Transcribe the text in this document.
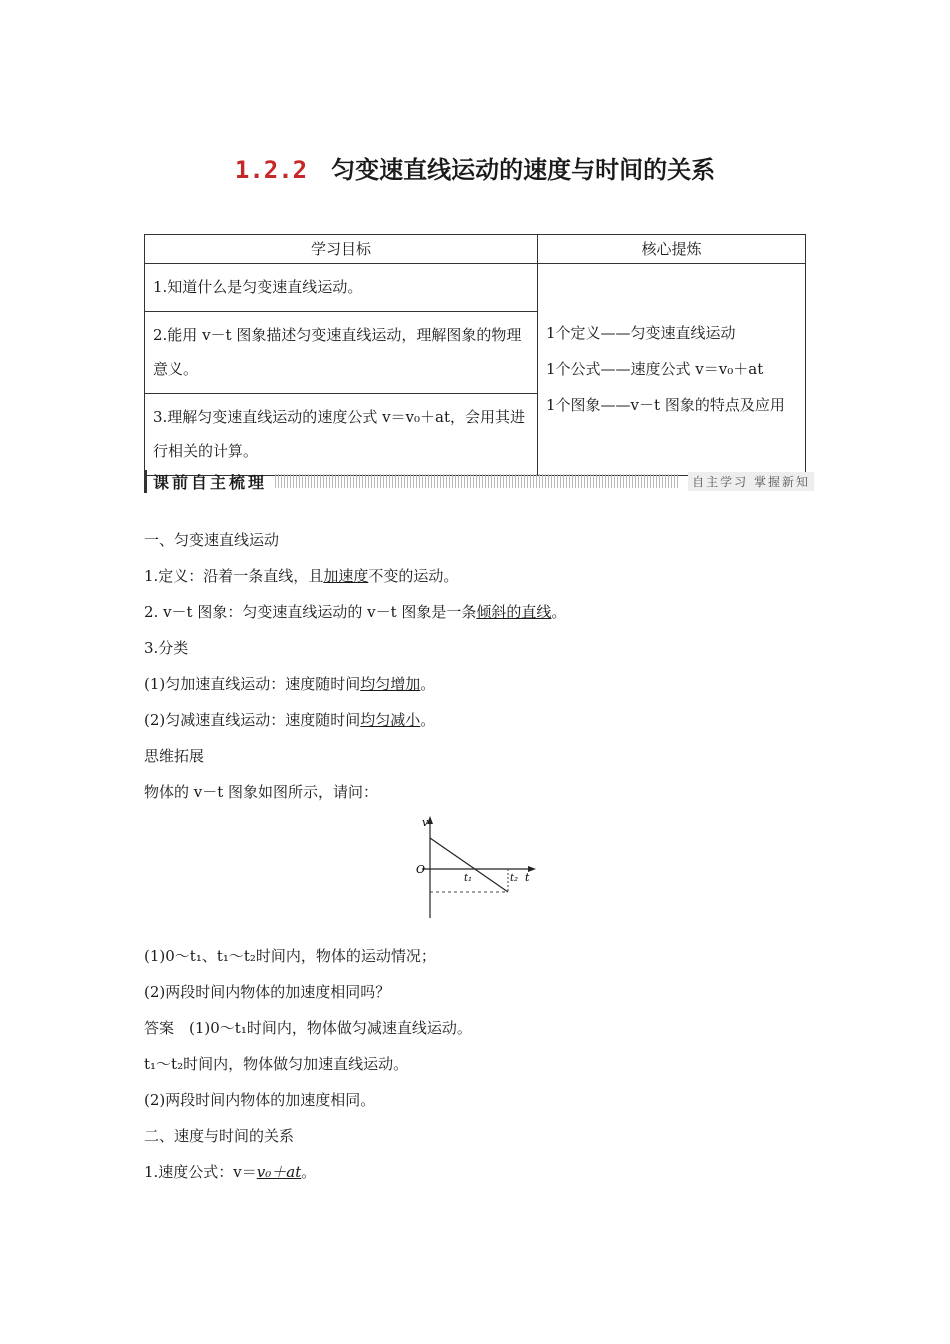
1.2.2 匀变速直线运动的速度与时间的关系
学习目标	核心提炼
1.知道什么是匀变速直线运动。	1个定义——匀变速直线运动
1个公式——速度公式 v＝v₀＋at
1个图象——v－t 图象的特点及应用

2.能用 v－t 图象描述匀变速直线运动，理解图象的物理意义。	
3.理解匀变速直线运动的速度公式 v＝v₀＋at，会用其进行相关的计算。	
课前自主梳理	自主学习 掌握新知
一、匀变速直线运动
1.定义：沿着一条直线，且加速度不变的运动。
2. v－t 图象：匀变速直线运动的 v－t 图象是一条倾斜的直线。
3.分类
(1)匀加速直线运动：速度随时间均匀增加。
(2)匀减速直线运动：速度随时间均匀减小。
思维拓展
物体的 v－t 图象如图所示，请问：
v
O
t₁	t₂ t
(1)0～t₁、t₁～t₂时间内，物体的运动情况；
(2)两段时间内物体的加速度相同吗？
答案　(1)0～t₁时间内，物体做匀减速直线运动。
t₁～t₂时间内，物体做匀加速直线运动。
(2)两段时间内物体的加速度相同。
二、速度与时间的关系
1.速度公式：v＝v₀＋at。
